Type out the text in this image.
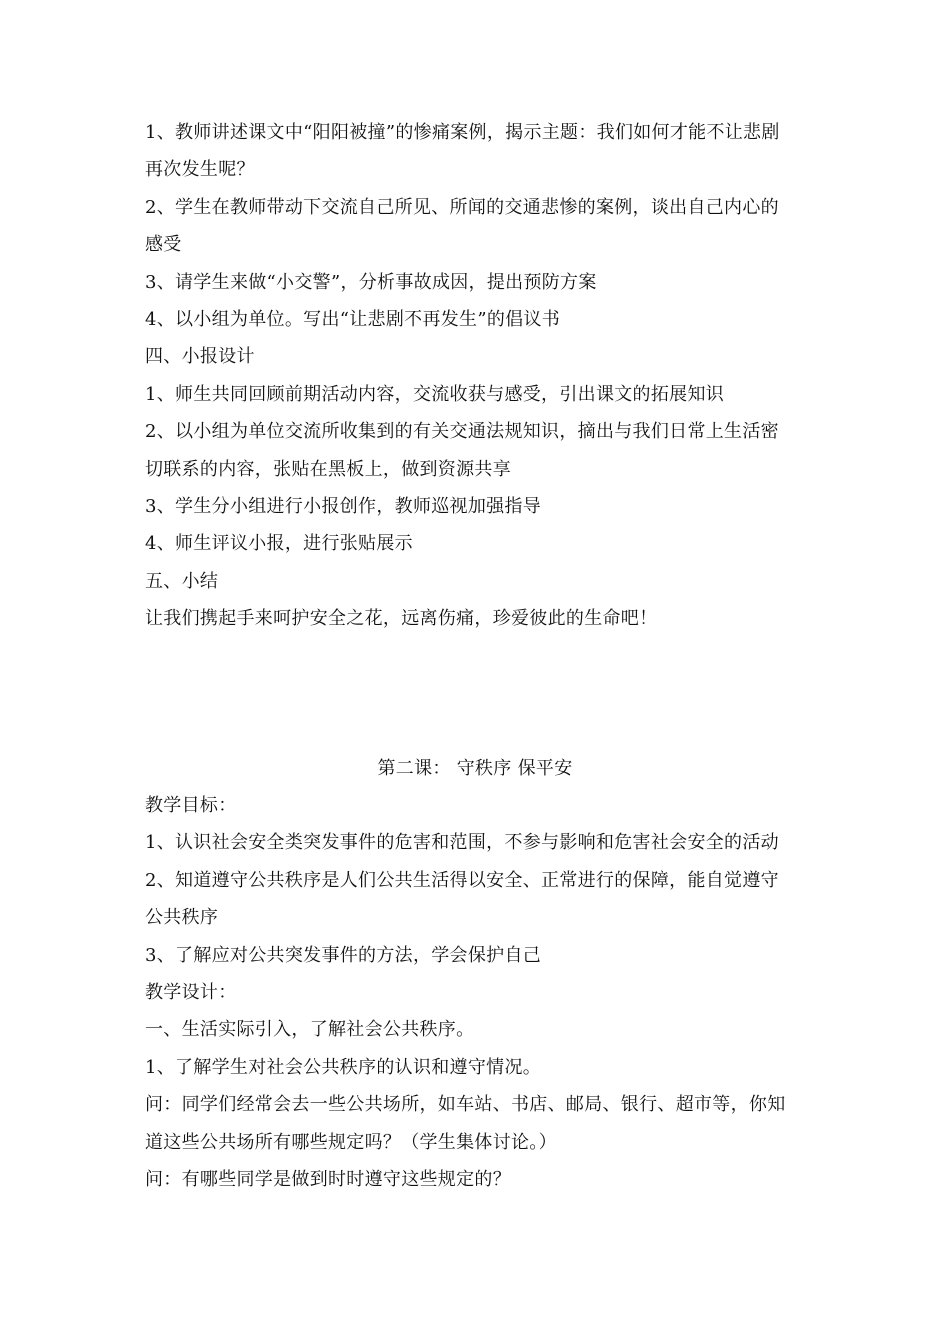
1、教师讲述课文中“阳阳被撞”的惨痛案例，揭示主题：我们如何才能不让悲剧
再次发生呢？
2、学生在教师带动下交流自己所见、所闻的交通悲惨的案例，谈出自己内心的
感受
3、请学生来做“小交警”，分析事故成因，提出预防方案
4、以小组为单位。写出“让悲剧不再发生”的倡议书
四、小报设计
1、师生共同回顾前期活动内容，交流收获与感受，引出课文的拓展知识
2、以小组为单位交流所收集到的有关交通法规知识，摘出与我们日常上生活密
切联系的内容，张贴在黑板上，做到资源共享
3、学生分小组进行小报创作，教师巡视加强指导
4、师生评议小报，进行张贴展示
五、小结
让我们携起手来呵护安全之花，远离伤痛，珍爱彼此的生命吧！
第二课： 守秩序 保平安
教学目标：
1、认识社会安全类突发事件的危害和范围，不参与影响和危害社会安全的活动
2、知道遵守公共秩序是人们公共生活得以安全、正常进行的保障，能自觉遵守
公共秩序
3、了解应对公共突发事件的方法，学会保护自己
教学设计：
一、生活实际引入，了解社会公共秩序。
1、了解学生对社会公共秩序的认识和遵守情况。
问：同学们经常会去一些公共场所，如车站、书店、邮局、银行、超市等，你知
道这些公共场所有哪些规定吗？（学生集体讨论。）
问：有哪些同学是做到时时遵守这些规定的？
